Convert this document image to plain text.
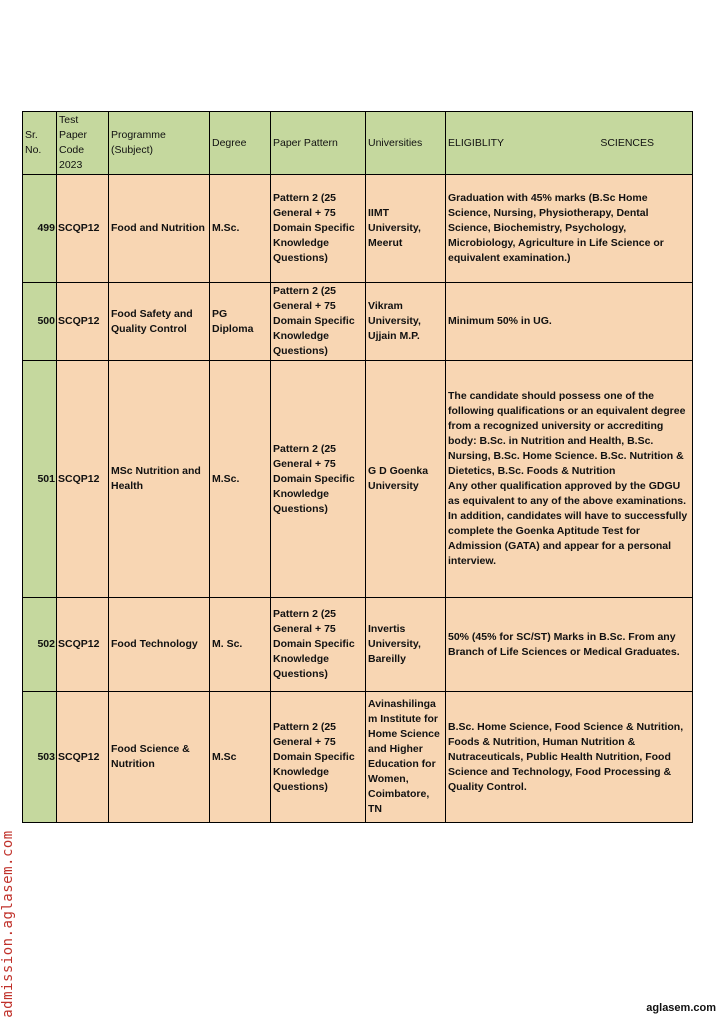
Sr. No.	Test Paper Code 2023	Programme (Subject)	Degree	Paper Pattern	Universities	ELIGIBLITY SCIENCES

499	SCQP12	Food and Nutrition	M.Sc.	Pattern 2 (25 General + 75 Domain Specific Knowledge Questions)	IIMT University, Meerut	Graduation with 45% marks (B.Sc Home Science, Nursing, Physiotherapy, Dental Science, Biochemistry, Psychology, Microbiology, Agriculture in Life Science or equivalent examination.)
500	SCQP12	Food Safety and Quality Control	PG Diploma	Pattern 2 (25 General + 75 Domain Specific Knowledge Questions)	Vikram University, Ujjain M.P.	Minimum 50% in UG.
501	SCQP12	MSc Nutrition and Health	M.Sc.	Pattern 2 (25 General + 75 Domain Specific Knowledge Questions)	G D Goenka University	The candidate should possess one of the following qualifications or an equivalent degree from a recognized university or accrediting body: B.Sc. in Nutrition and Health, B.Sc. Nursing, B.Sc. Home Science. B.Sc. Nutrition & Dietetics, B.Sc. Foods & Nutrition
Any other qualification approved by the GDGU as equivalent to any of the above examinations. In addition, candidates will have to successfully complete the Goenka Aptitude Test for Admission (GATA) and appear for a personal interview.

502	SCQP12	Food Technology	M. Sc.	Pattern 2 (25 General + 75 Domain Specific Knowledge Questions)	Invertis University, Bareilly	50% (45% for SC/ST) Marks in B.Sc. From any Branch of Life Sciences or Medical Graduates.
503	SCQP12	Food Science & Nutrition	M.Sc	Pattern 2 (25 General + 75 Domain Specific Knowledge Questions)	Avinashilingam Institute for Home Science and Higher Education for Women, Coimbatore, TN	B.Sc. Home Science, Food Science & Nutrition, Foods & Nutrition, Human Nutrition & Nutraceuticals, Public Health Nutrition, Food Science and Technology, Food Processing & Quality Control.
admission.aglasem.com	aglasem.com
